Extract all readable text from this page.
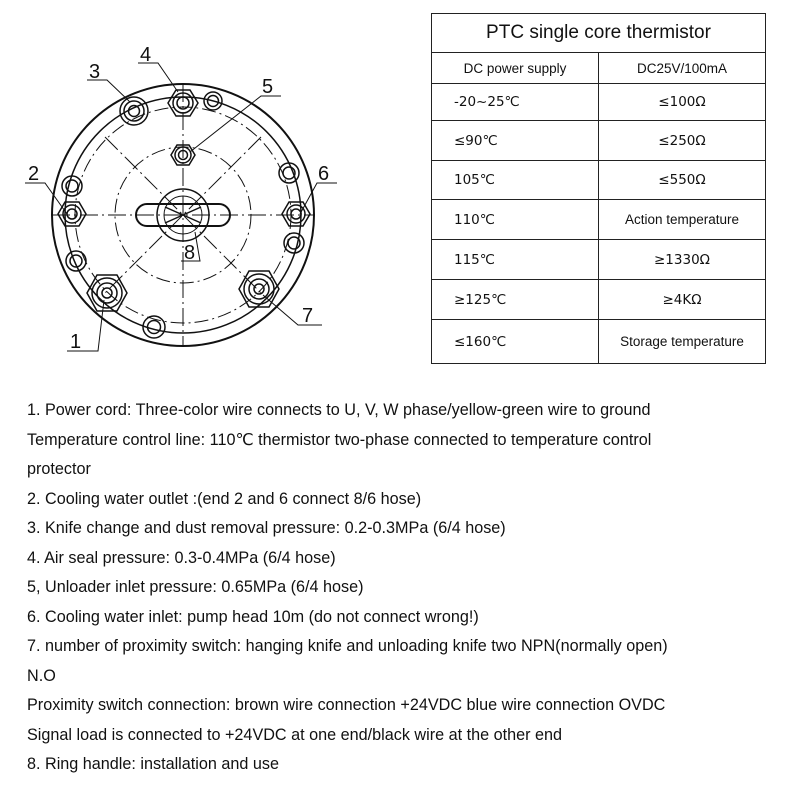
1
2
3
4
5
6
7
8
PTC single core thermistor	
DC power supply	DC25V/100mA
-20~25℃	≤100Ω
≤90℃	≤250Ω
105℃	≤550Ω
110℃	Action temperature
115℃	≥1330Ω
≥125℃	≥4KΩ
≤160℃	Storage temperature

1. Power cord: Three-color wire connects to U, V, W phase/yellow-green wire to ground

Temperature control line: 110℃ thermistor two-phase connected to temperature control

protector

2. Cooling water outlet :(end 2 and 6 connect 8/6 hose)

3. Knife change and dust removal pressure: 0.2-0.3MPa (6/4 hose)

4. Air seal pressure: 0.3-0.4MPa (6/4 hose)

5, Unloader inlet pressure: 0.65MPa (6/4 hose)

6. Cooling water inlet: pump head 10m (do not connect wrong!)

7. number of proximity switch: hanging knife and unloading knife two NPN(normally open)

N.O

Proximity switch connection: brown wire connection +24VDC blue wire connection OVDC

Signal load is connected to +24VDC at one end/black wire at the other end

8. Ring handle: installation and use
